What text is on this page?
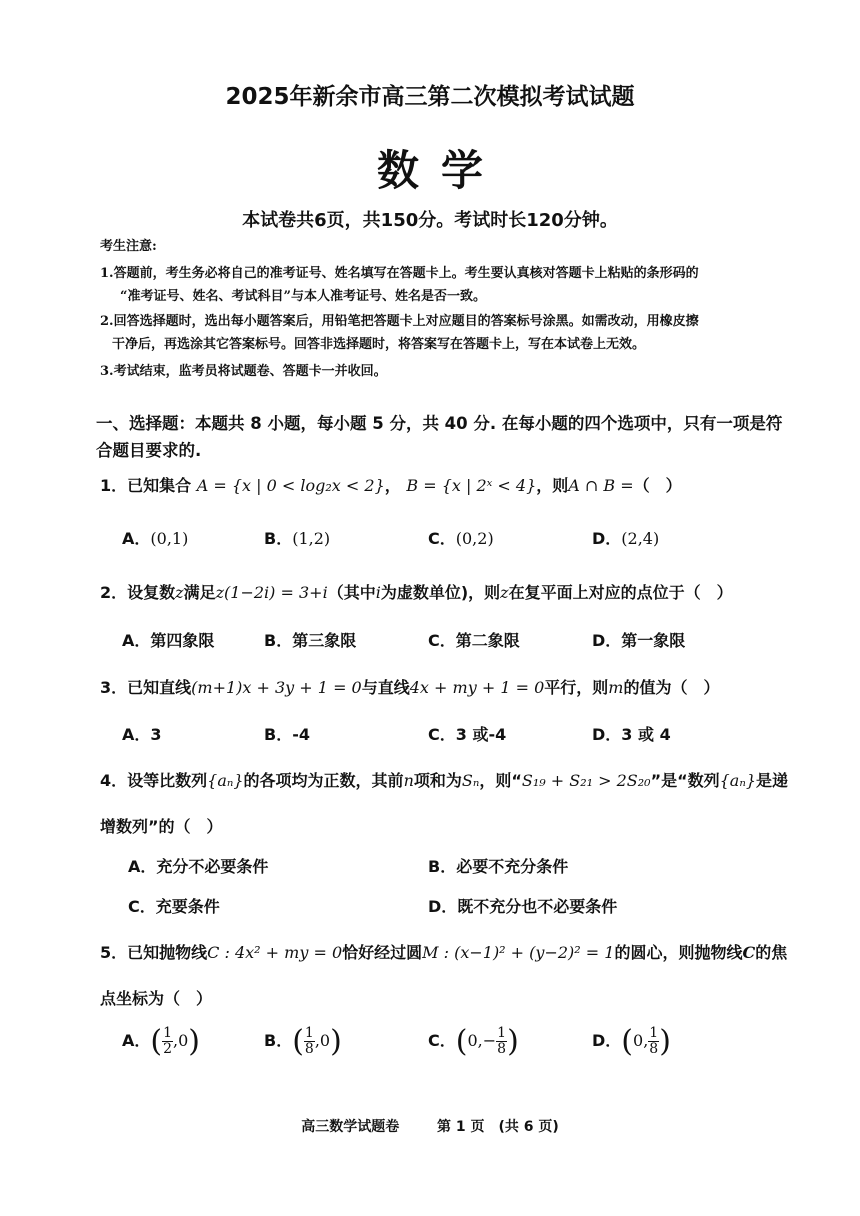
2025年新余市高三第二次模拟考试试题
数学
本试卷共6页，共150分。考试时长120分钟。
考生注意:
1.答题前，考生务必将自己的准考证号、姓名填写在答题卡上。考生要认真核对答题卡上粘贴的条形码的
“准考证号、姓名、考试科目”与本人准考证号、姓名是否一致。
2.回答选择题时，选出每小题答案后，用铅笔把答题卡上对应题目的答案标号涂黑。如需改动，用橡皮擦
干净后，再选涂其它答案标号。回答非选择题时，将答案写在答题卡上，写在本试卷上无效。
3.考试结束，监考员将试题卷、答题卡一并收回。
一、选择题：本题共 8 小题，每小题 5 分，共 40 分. 在每小题的四个选项中，只有一项是符
合题目要求的.
1．已知集合 A = {x | 0 < log₂x < 2}， B = {x | 2ˣ < 4}，则A ∩ B =（　）
A．(0,1)	B．(1,2)	C．(0,2)	D．(2,4)
2．设复数z满足z(1−2i) = 3+i（其中i为虚数单位)，则z在复平面上对应的点位于（　）
A．第四象限	B．第三象限	C．第二象限	D．第一象限
3．已知直线(m+1)x + 3y + 1 = 0与直线4x + my + 1 = 0平行，则m的值为（　）
A．3	B．-4	C．3 或-4	D．3 或 4
4．设等比数列{aₙ}的各项均为正数，其前n项和为Sₙ，则“S₁₉ + S₂₁ > 2S₂₀”是“数列{aₙ}是递
增数列”的（　）
A．充分不必要条件	B．必要不充分条件
C．充要条件	D．既不充分也不必要条件
5．已知抛物线C : 4x² + my = 0恰好经过圆M : (x−1)² + (y−2)² = 1的圆心，则抛物线C的焦
点坐标为（　）
A．( $\frac{1}{2} ,0$)	B．( $\frac{1}{8} ,0$)	C．($0,- \frac{1}{8}$ )	D．(0, $\frac{1}{8}$ )
高三数学试题卷	第 1 页　(共 6 页)
